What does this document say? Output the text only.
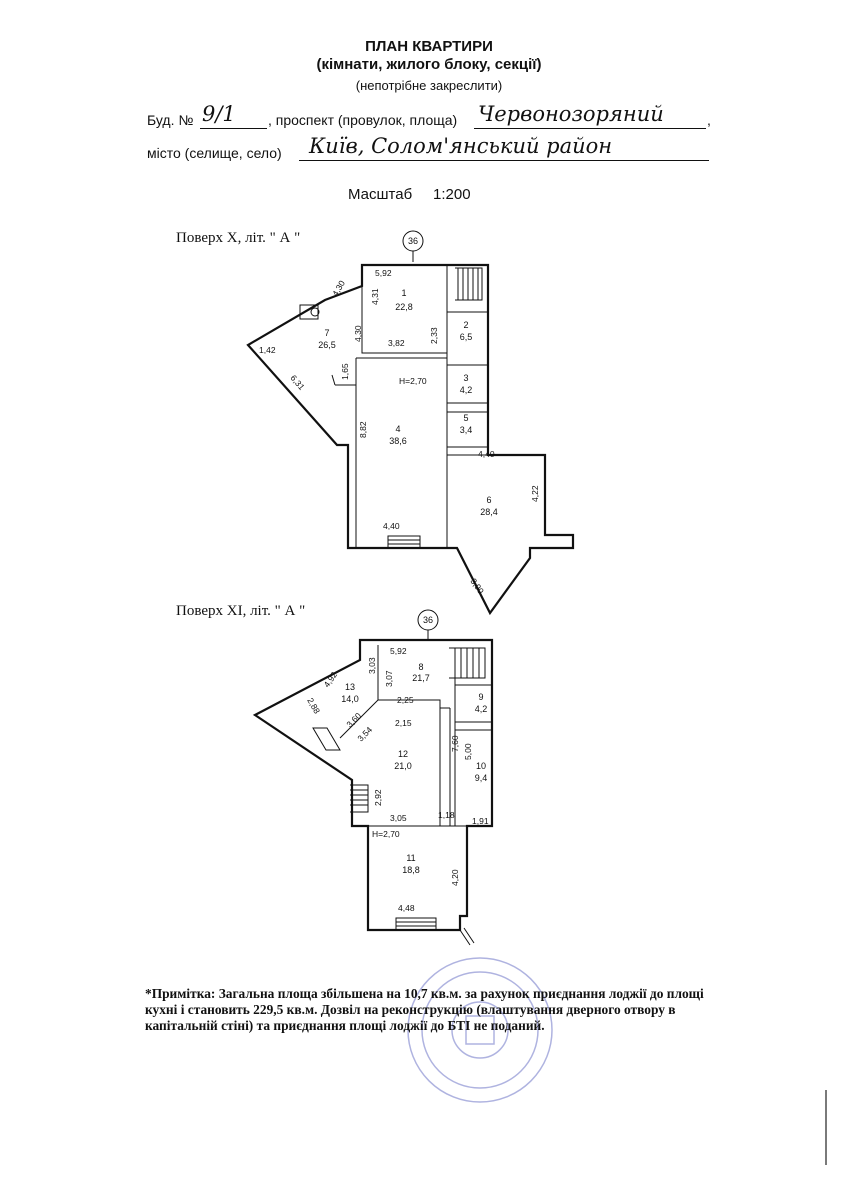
ПЛАН КВАРТИРИ
(кімнати, жилого блоку, секції)
(непотрібне закреслити)
Буд. № 9/1 , проспект (провулок, площа) Червонозоряний	,
місто (селище, село) Київ, Солом'янський район
Масштаб 1:200
Поверх X, літ. " А "
Поверх XI, літ. " А "
36
1
22,8
2
6,5
3
4,2
4
38,6
5
3,4
6
28,4
7
26,5
Н=2,70
5,92
4,30	4,31
4,30
1,42
6,31
1,65
8,82
3,82	2,33
4,40
4,22
4,40
3,90
36
8
21,7
9
4,2
10
9,4
11
18,8
12
21,0
13
14,0
Н=2,70
5,92
3,03
3,07
4,92
2,88	2,25
3,60	2,15
3,54
7,60 5,00
2,92
3,05	1,18
1,91
4,20
4,48
*Примітка: Загальна площа збільшена на 10,7 кв.м. за рахунок приєднання лоджії до площі кухні і становить 229,5 кв.м. Дозвіл на реконструкцію (влаштування дверного отвору в капітальній стіні) та приєднання площі лоджії до БТІ не поданий.
